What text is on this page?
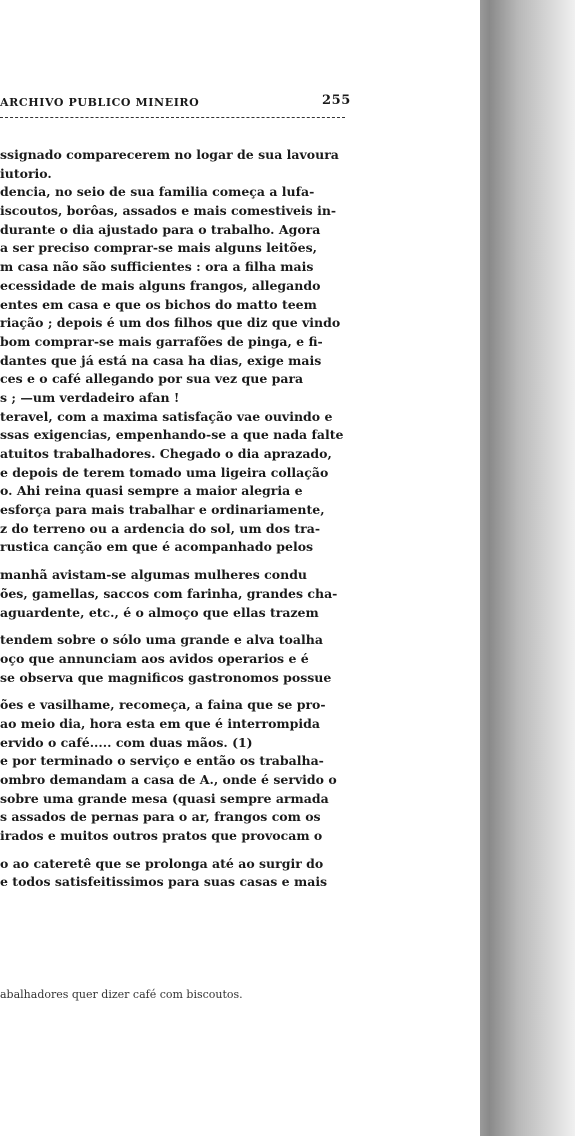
ARCHIVO PUBLICO MINEIRO	255
ssignado comparecerem no logar de sua lavoura
iutorio.
dencia, no seio de sua familia começa a lufa-
iscoutos, borôas, assados e mais comestiveis in-
durante o dia ajustado para o trabalho. Agora
a ser preciso comprar-se mais alguns leitões,
m casa não são sufficientes : ora a filha mais
ecessidade de mais alguns frangos, allegando
entes em casa e que os bichos do matto teem
riação ; depois é um dos filhos que diz que vindo
bom comprar-se mais garrafões de pinga, e fi-
dantes que já está na casa ha dias, exige mais
ces e o café allegando por sua vez que para
s ; —um verdadeiro afan !
teravel, com a maxima satisfação vae ouvindo e
ssas exigencias, empenhando-se a que nada falte
atuitos trabalhadores. Chegado o dia aprazado,
e depois de terem tomado uma ligeira collação
o. Ahi reina quasi sempre a maior alegria e
esforça para mais trabalhar e ordinariamente,
z do terreno ou a ardencia do sol, um dos tra-
rustica canção em que é acompanhado pelos
manhã avistam-se algumas mulheres condu
ões, gamellas, saccos com farinha, grandes cha-
aguardente, etc., é o almoço que ellas trazem
tendem sobre o sólo uma grande e alva toalha
oço que annunciam aos avidos operarios e é
se observa que magnificos gastronomos possue
ões e vasilhame, recomeça, a faina que se pro-
ao meio dia, hora esta em que é interrompida
ervido o café..... com duas mãos. (1)
e por terminado o serviço e então os trabalha-
ombro demandam a casa de A., onde é servido o
sobre uma grande mesa (quasi sempre armada
s assados de pernas para o ar, frangos com os
irados e muitos outros pratos que provocam o
o ao cateretê que se prolonga até ao surgir do
e todos satisfeitissimos para suas casas e mais
abalhadores quer dizer café com biscoutos.
